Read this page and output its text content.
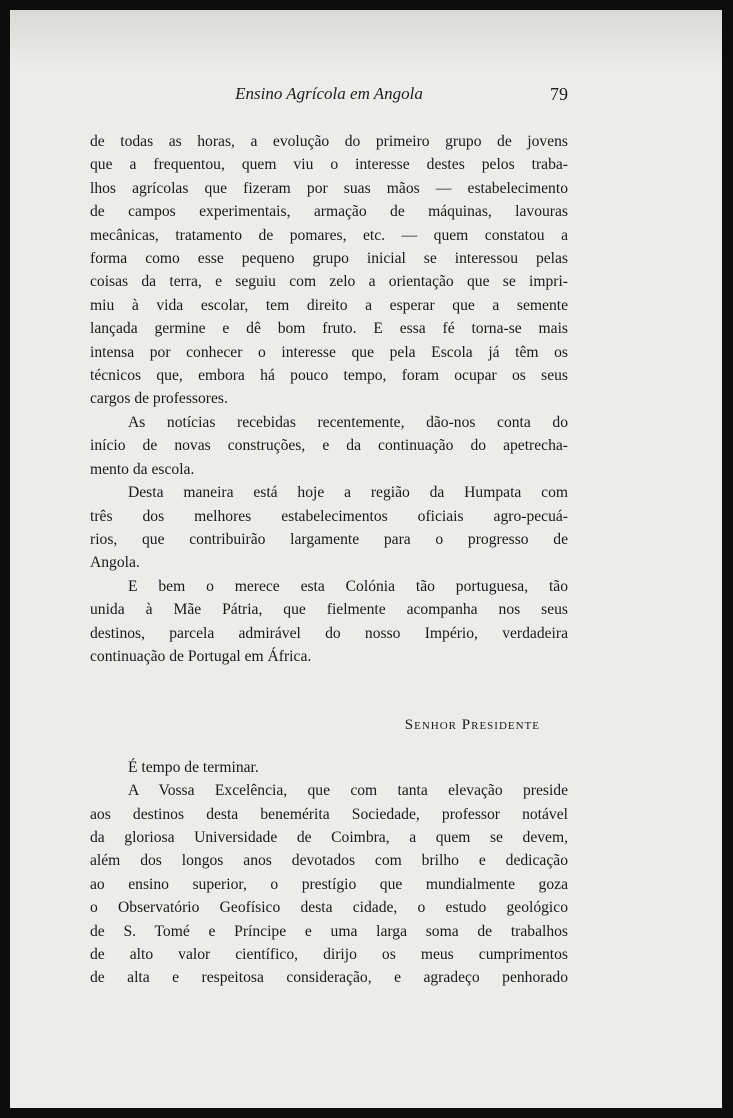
Ensino Agrícola em Angola	79
de todas as horas, a evolução do primeiro grupo de jovens
que a frequentou, quem viu o interesse destes pelos traba-
lhos agrícolas que fizeram por suas mãos — estabelecimento
de campos experimentais, armação de máquinas, lavouras
mecânicas, tratamento de pomares, etc. — quem constatou a
forma como esse pequeno grupo inicial se interessou pelas
coisas da terra, e seguiu com zelo a orientação que se impri-
miu à vida escolar, tem direito a esperar que a semente
lançada germine e dê bom fruto. E essa fé torna-se mais
intensa por conhecer o interesse que pela Escola já têm os
técnicos que, embora há pouco tempo, foram ocupar os seus
cargos de professores.
As notícias recebidas recentemente, dão-nos conta do
início de novas construções, e da continuação do apetrecha-
mento da escola.
Desta maneira está hoje a região da Humpata com
três dos melhores estabelecimentos oficiais agro-pecuá-
rios, que contribuirão largamente para o progresso de
Angola.
E bem o merece esta Colónia tão portuguesa, tão
unida à Mãe Pátria, que fielmente acompanha nos seus
destinos, parcela admirável do nosso Império, verdadeira
continuação de Portugal em África.
Senhor Presidente
É tempo de terminar.
A Vossa Excelência, que com tanta elevação preside
aos destinos desta benemérita Sociedade, professor notável
da gloriosa Universidade de Coimbra, a quem se devem,
além dos longos anos devotados com brilho e dedicação
ao ensino superior, o prestígio que mundialmente goza
o Observatório Geofísico desta cidade, o estudo geológico
de S. Tomé e Príncipe e uma larga soma de trabalhos
de alto valor científico, dirijo os meus cumprimentos
de alta e respeitosa consideração, e agradeço penhorado
